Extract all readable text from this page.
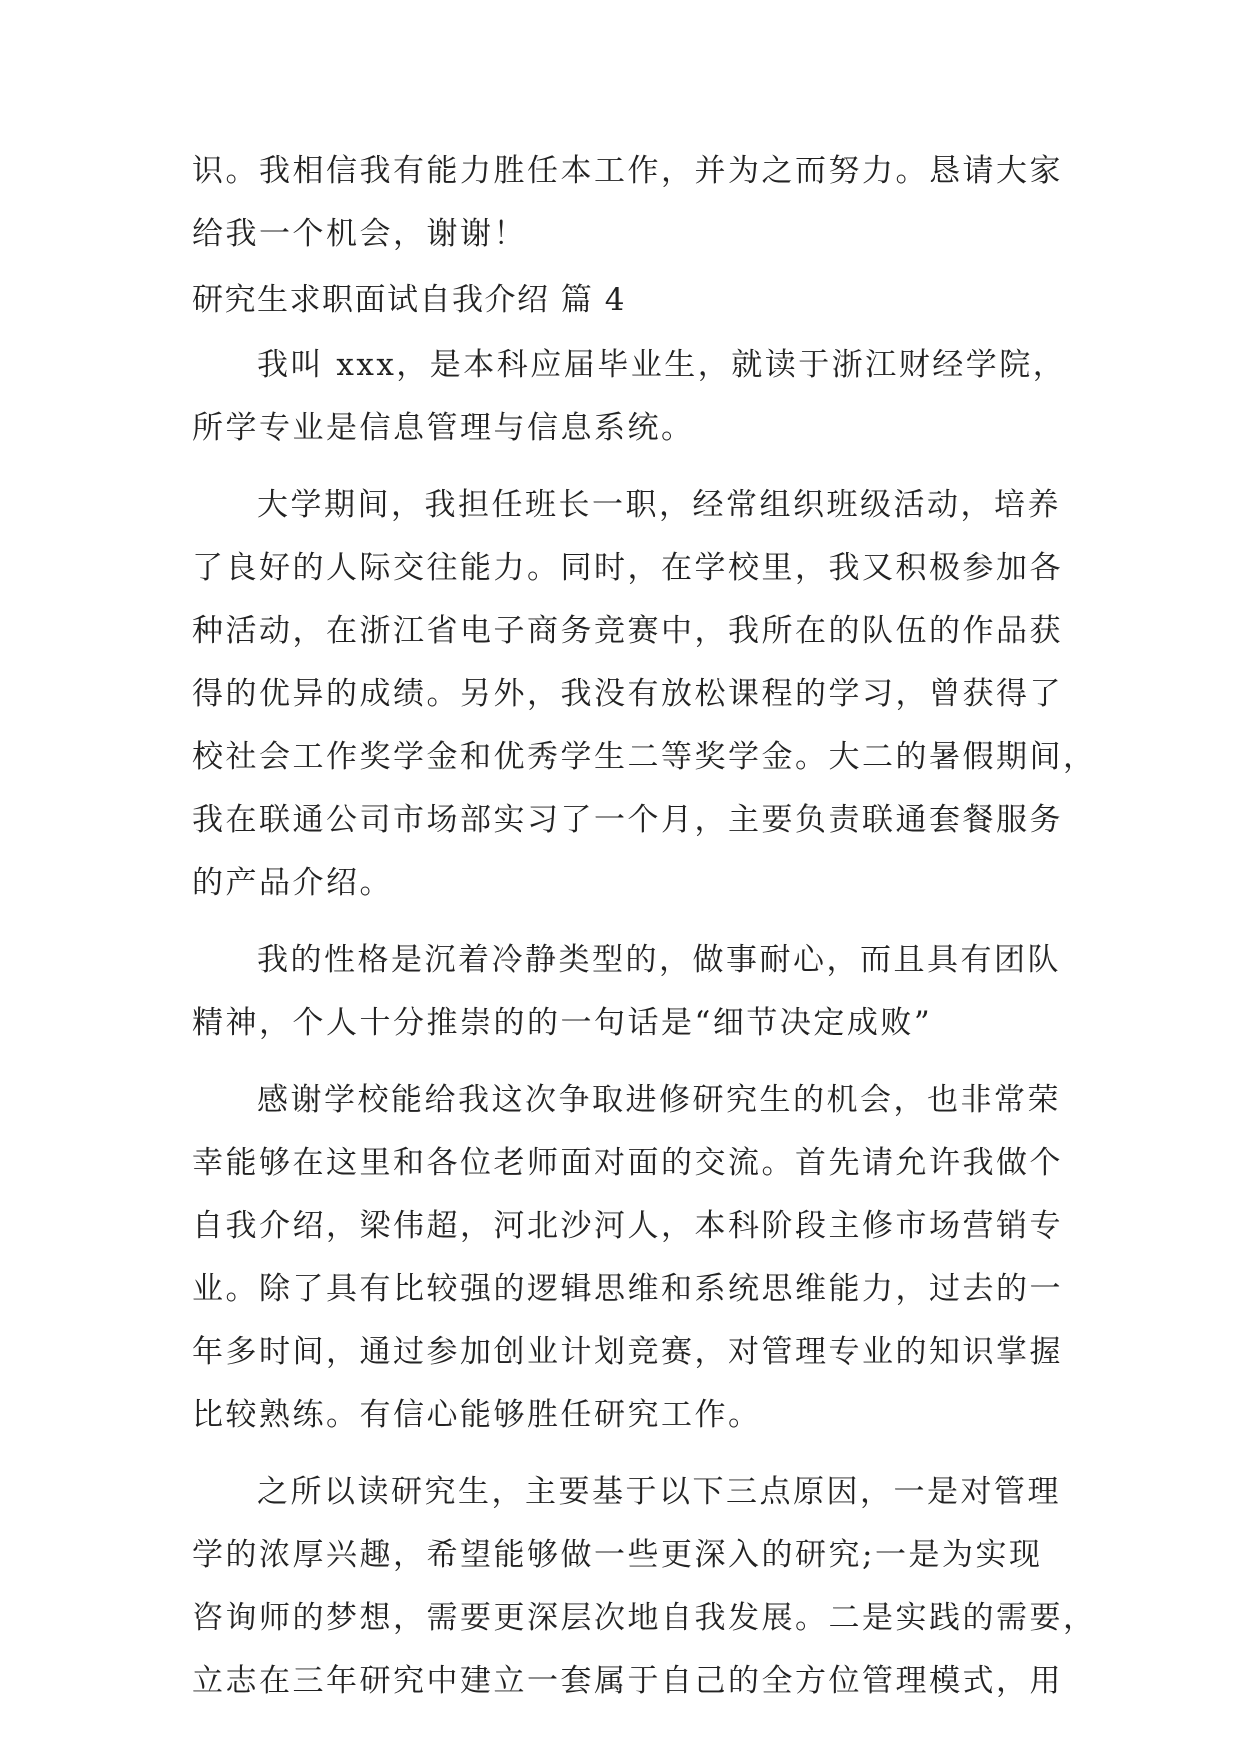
识。我相信我有能力胜任本工作，并为之而努力。恳请大家
给我一个机会，谢谢！
研究生求职面试自我介绍 篇 4
我叫 xxx，是本科应届毕业生，就读于浙江财经学院，
所学专业是信息管理与信息系统。
大学期间，我担任班长一职，经常组织班级活动，培养
了良好的人际交往能力。同时，在学校里，我又积极参加各
种活动，在浙江省电子商务竞赛中，我所在的队伍的作品获
得的优异的成绩。另外，我没有放松课程的学习，曾获得了
校社会工作奖学金和优秀学生二等奖学金。大二的暑假期间，
我在联通公司市场部实习了一个月，主要负责联通套餐服务
的产品介绍。
我的性格是沉着冷静类型的，做事耐心，而且具有团队
精神，个人十分推崇的的一句话是“细节决定成败”
感谢学校能给我这次争取进修研究生的机会，也非常荣
幸能够在这里和各位老师面对面的交流。首先请允许我做个
自我介绍，梁伟超，河北沙河人，本科阶段主修市场营销专
业。除了具有比较强的逻辑思维和系统思维能力，过去的一
年多时间，通过参加创业计划竞赛，对管理专业的知识掌握
比较熟练。有信心能够胜任研究工作。
之所以读研究生，主要基于以下三点原因，一是对管理
学的浓厚兴趣，希望能够做一些更深入的研究;一是为实现
咨询师的梦想，需要更深层次地自我发展。二是实践的需要，
立志在三年研究中建立一套属于自己的全方位管理模式，用
